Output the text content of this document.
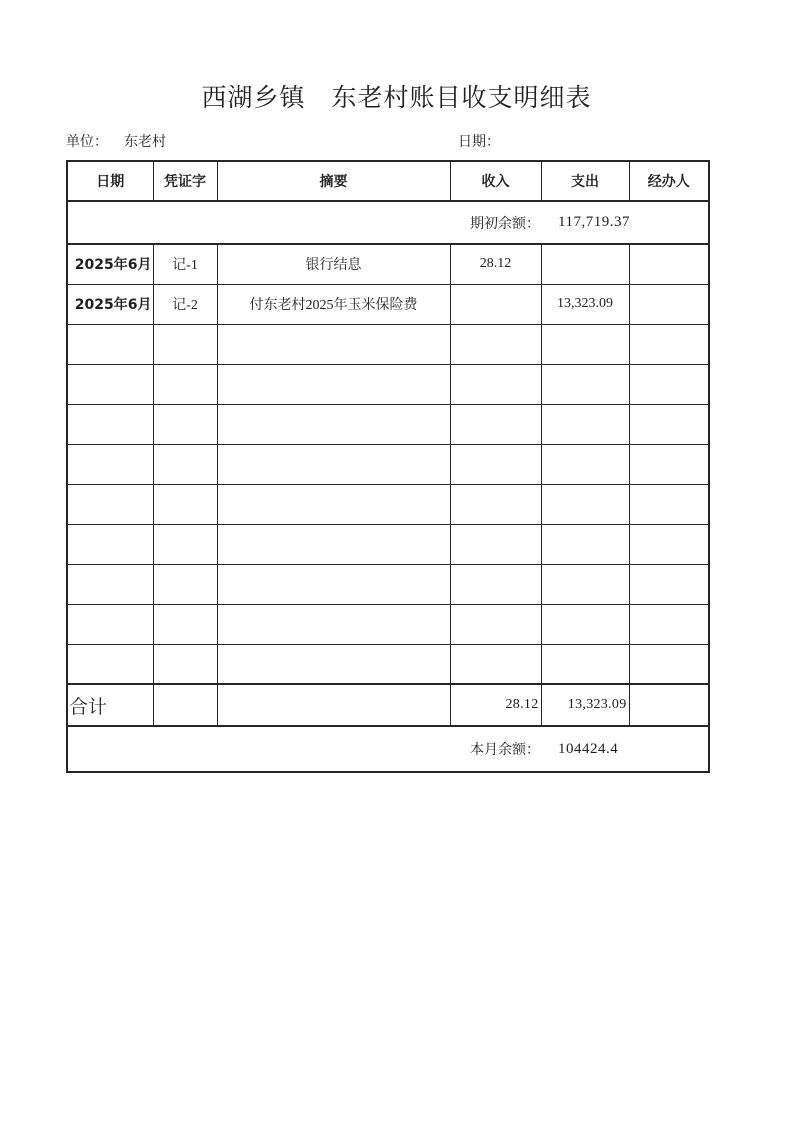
西湖乡镇　东老村账目收支明细表
单位： 东老村	日期：
日期	凭证字	摘要	收入	支出	经办人

期初余额： 117,719.37					

2025年6月	记-1	银行结息	28.12		
2025年6月	记-2	付东老村2025年玉米保险费		13,323.09	

合计			28.12	13,323.09	

本月余额： 104424.4					
